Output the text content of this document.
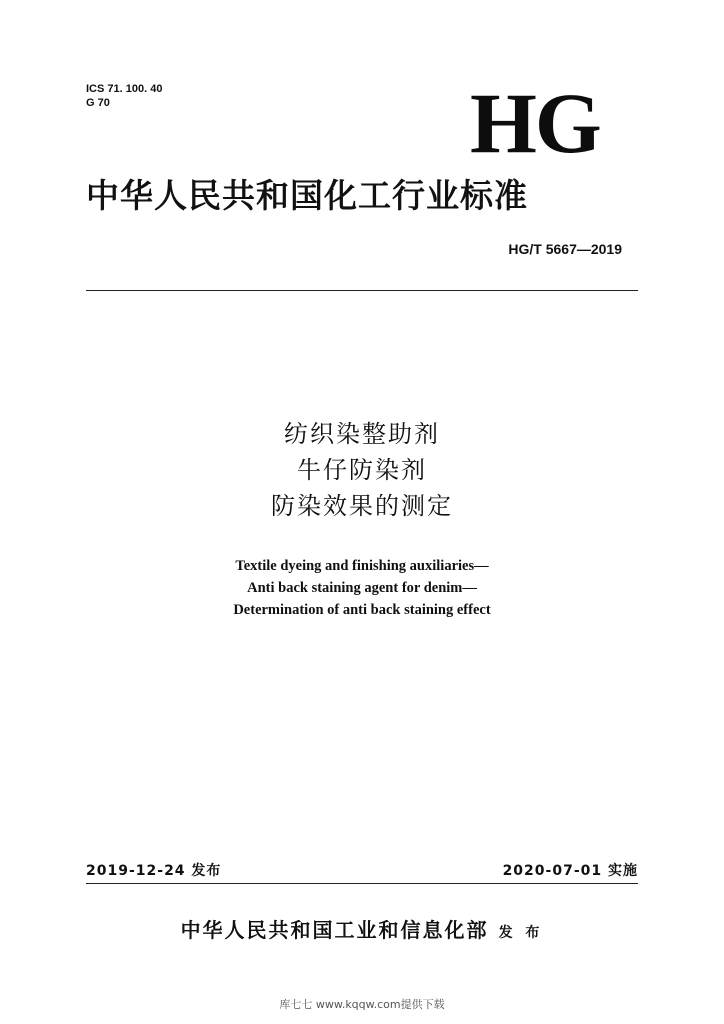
ICS 71. 100. 40
G 70	HG
中华人民共和国化工行业标准
HG/T 5667—2019
纺织染整助剂
牛仔防染剂
防染效果的测定
Textile dyeing and finishing auxiliaries—
Anti back staining agent for denim—
Determination of anti back staining effect
2019-12-24 发布	2020-07-01 实施
中华人民共和国工业和信息化部 发 布
库七七 www.kqqw.com提供下载
